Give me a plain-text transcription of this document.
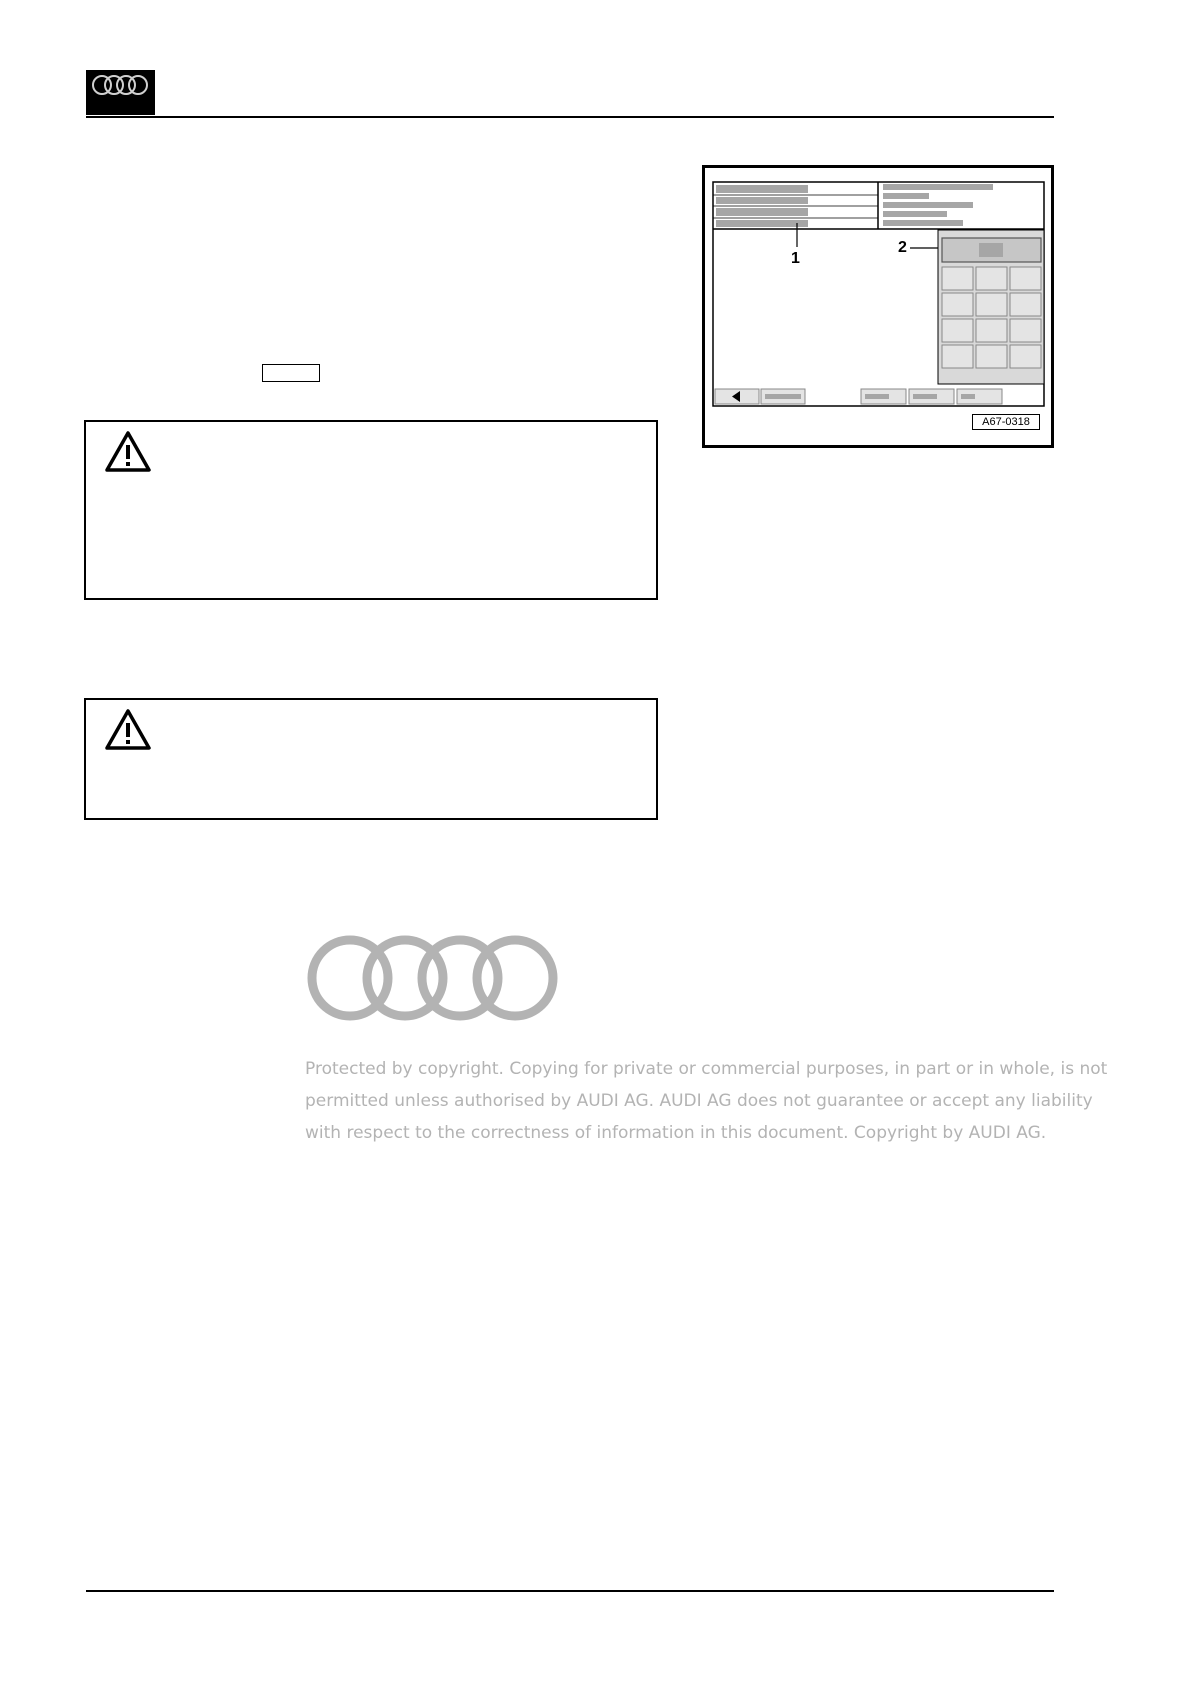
1
2
A67-0318

Protected by copyright. Copying for private or commercial purposes, in part or in whole, is not

permitted unless authorised by AUDI AG. AUDI AG does not guarantee or accept any liability

with respect to the correctness of information in this document. Copyright by AUDI AG.
